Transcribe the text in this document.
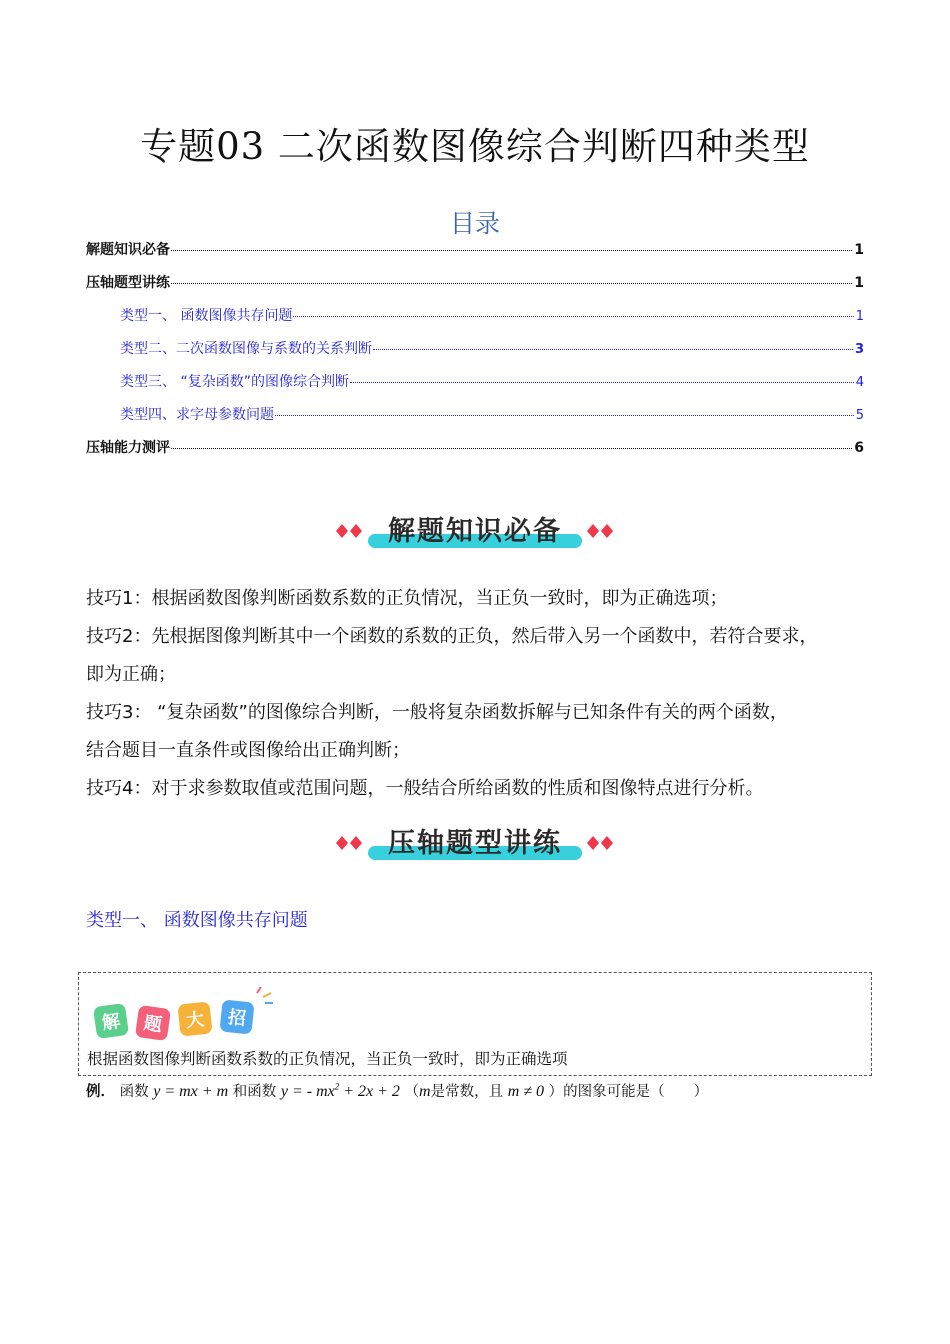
专题03 二次函数图像综合判断四种类型
目录
解题知识必备	1
压轴题型讲练	1
类型一、 函数图像共存问题	1
类型二、二次函数图像与系数的关系判断	3
类型三、 “复杂函数”的图像综合判断	4
类型四、求字母参数问题	5
压轴能力测评	6
解题知识必备
技巧1：根据函数图像判断函数系数的正负情况，当正负一致时，即为正确选项；
技巧2：先根据图像判断其中一个函数的系数的正负，然后带入另一个函数中，若符合要求，
即为正确；
技巧3： “复杂函数”的图像综合判断，一般将复杂函数拆解与已知条件有关的两个函数，
结合题目一直条件或图像给出正确判断；
技巧4：对于求参数取值或范围问题，一般结合所给函数的性质和图像特点进行分析。
压轴题型讲练
类型一、 函数图像共存问题
解 题 大 招
根据函数图像判断函数系数的正负情况，当正负一致时，即为正确选项
例． 函数 y = mx + m 和函数 y = - $mx^2 + 2x + 2$ （m是常数，且 m ≠ 0 ）的图象可能是（　　）
